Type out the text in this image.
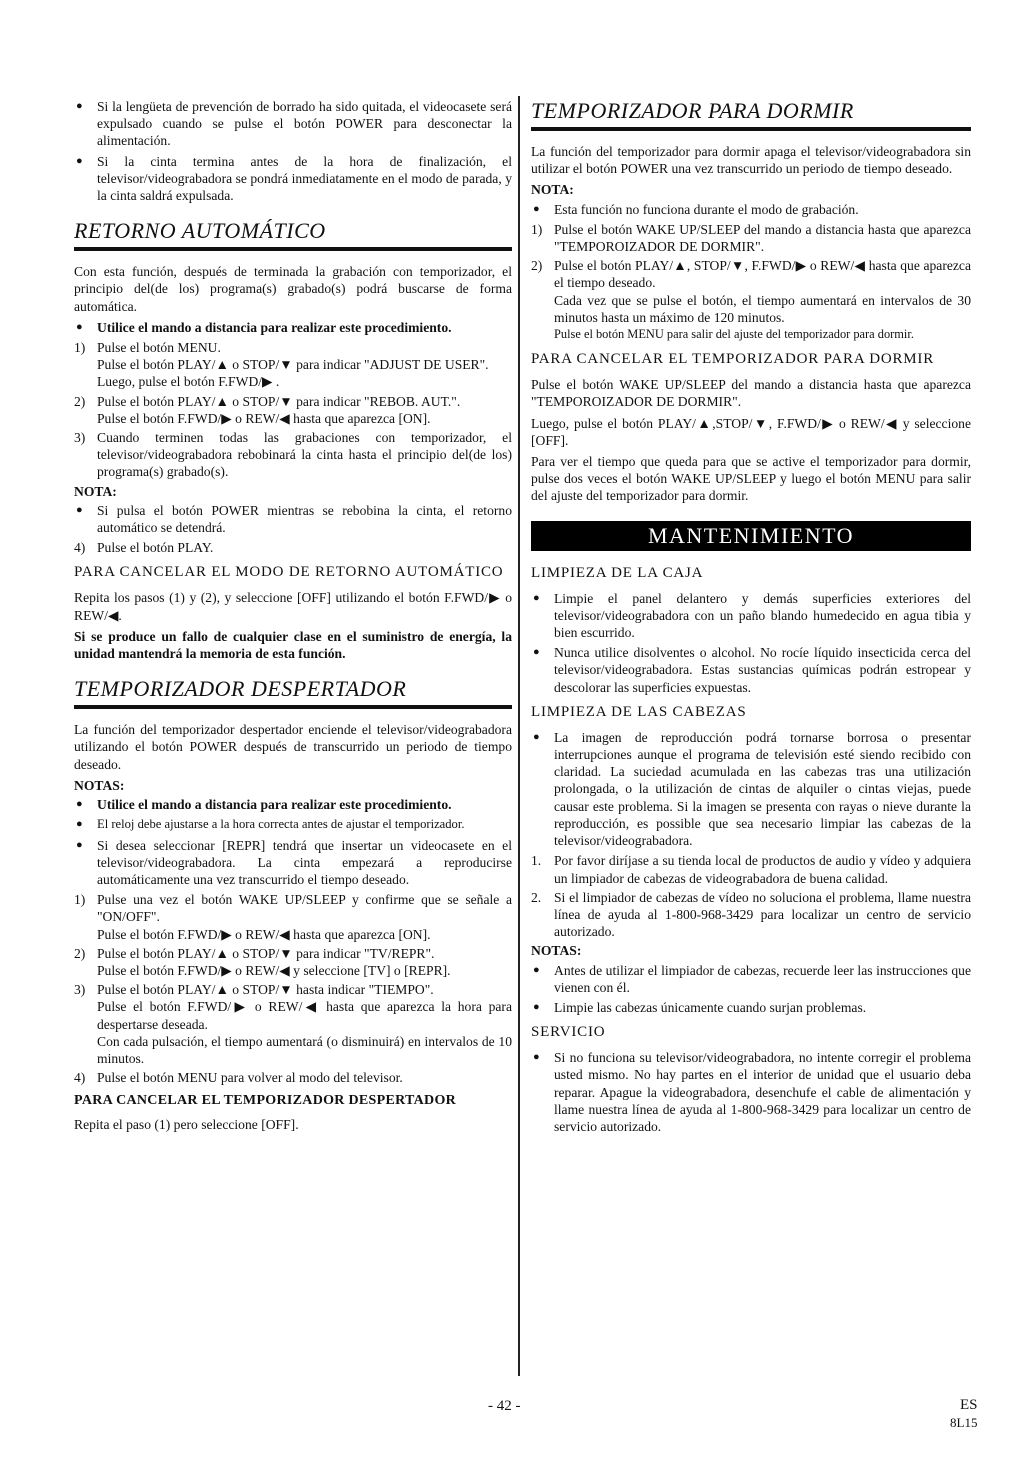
● Si la lengüeta de prevención de borrado ha sido quitada, el videocasete será expulsado cuando se pulse el botón POWER para desconectar la alimentación.
● Si la cinta termina antes de la hora de finalización, el televisor/videograbadora se pondrá inmediatamente en el modo de parada, y la cinta saldrá expulsada.
RETORNO AUTOMÁTICO

Con esta función, después de terminada la grabación con temporizador, el principio del(de los) programa(s) grabado(s) podrá buscarse de forma automática.

● Utilice el mando a distancia para realizar este procedimiento.
1) Pulse el botón MENU.
Pulse el botón PLAY/▲ o STOP/▼ para indicar "ADJUST DE USER".
Luego, pulse el botón F.FWD/▶ .
2) Pulse el botón PLAY/▲ o STOP/▼ para indicar "REBOB. AUT.".
Pulse el botón F.FWD/▶ o REW/◀ hasta que aparezca [ON].
3) Cuando terminen todas las grabaciones con temporizador, el televisor/videograbadora rebobinará la cinta hasta el principio del(de los) programa(s) grabado(s).
NOTA:
● Si pulsa el botón POWER mientras se rebobina la cinta, el retorno automático se detendrá.
4) Pulse el botón PLAY.
PARA CANCELAR EL MODO DE RETORNO AUTOMÁTICO

Repita los pasos (1) y (2), y seleccione [OFF] utilizando el botón F.FWD/▶ o REW/◀.

Si se produce un fallo de cualquier clase en el suministro de energía, la unidad mantendrá la memoria de esta función.

TEMPORIZADOR DESPERTADOR

La función del temporizador despertador enciende el televisor/videograbadora utilizando el botón POWER después de transcurrido un periodo de tiempo deseado.

NOTAS:
● Utilice el mando a distancia para realizar este procedimiento.
● El reloj debe ajustarse a la hora correcta antes de ajustar el temporizador.
● Si desea seleccionar [REPR] tendrá que insertar un videocasete en el televisor/videograbadora. La cinta empezará a reproducirse automáticamente una vez transcurrido el tiempo deseado.
1) Pulse una vez el botón WAKE UP/SLEEP y confirme que se señale a "ON/OFF".
Pulse el botón F.FWD/▶ o REW/◀ hasta que aparezca [ON].
2) Pulse el botón PLAY/▲ o STOP/▼ para indicar "TV/REPR".
Pulse el botón F.FWD/▶ o REW/◀ y seleccione [TV] o [REPR].
3) Pulse el botón PLAY/▲ o STOP/▼ hasta indicar "TIEMPO".
Pulse el botón F.FWD/▶ o REW/◀ hasta que aparezca la hora para despertarse deseada.
Con cada pulsación, el tiempo aumentará (o disminuirá) en intervalos de 10 minutos.
4) Pulse el botón MENU para volver al modo del televisor.
PARA CANCELAR EL TEMPORIZADOR DESPERTADOR

Repita el paso (1) pero seleccione [OFF].

TEMPORIZADOR PARA DORMIR

La función del temporizador para dormir apaga el televisor/videograbadora sin utilizar el botón POWER una vez transcurrido un periodo de tiempo deseado.

NOTA:
● Esta función no funciona durante el modo de grabación.
1) Pulse el botón WAKE UP/SLEEP del mando a distancia hasta que aparezca "TEMPOROIZADOR DE DORMIR".
2) Pulse el botón PLAY/▲, STOP/▼, F.FWD/▶ o REW/◀ hasta que aparezca el tiempo deseado.
Cada vez que se pulse el botón, el tiempo aumentará en intervalos de 30 minutos hasta un máximo de 120 minutos.
Pulse el botón MENU para salir del ajuste del temporizador para dormir.
PARA CANCELAR EL TEMPORIZADOR PARA DORMIR

Pulse el botón WAKE UP/SLEEP del mando a distancia hasta que aparezca "TEMPOROIZADOR DE DORMIR".

Luego, pulse el botón PLAY/▲,STOP/▼, F.FWD/▶ o REW/◀ y seleccione [OFF].

Para ver el tiempo que queda para que se active el temporizador para dormir, pulse dos veces el botón WAKE UP/SLEEP y luego el botón MENU para salir del ajuste del temporizador para dormir.

MANTENIMIENTO
LIMPIEZA DE LA CAJA
● Limpie el panel delantero y demás superficies exteriores del televisor/videograbadora con un paño blando humedecido en agua tibia y bien escurrido.
● Nunca utilice disolventes o alcohol. No rocíe líquido insecticida cerca del televisor/videograbadora. Estas sustancias químicas podrán estropear y descolorar las superficies expuestas.
LIMPIEZA DE LAS CABEZAS
● La imagen de reproducción podrá tornarse borrosa o presentar interrupciones aunque el programa de televisión esté siendo recibido con claridad. La suciedad acumulada en las cabezas tras una utilización prolongada, o la utilización de cintas de alquiler o cintas viejas, puede causar este problema. Si la imagen se presenta con rayas o nieve durante la reproducción, es possible que sea necesario limpiar las cabezas de la televisor/videograbadora.
1. Por favor diríjase a su tienda local de productos de audio y vídeo y adquiera un limpiador de cabezas de videograbadora de buena calidad.
2. Si el limpiador de cabezas de vídeo no soluciona el problema, llame nuestra línea de ayuda al 1-800-968-3429 para localizar un centro de servicio autorizado.
NOTAS:
● Antes de utilizar el limpiador de cabezas, recuerde leer las instrucciones que vienen con él.
● Limpie las cabezas únicamente cuando surjan problemas.
SERVICIO
● Si no funciona su televisor/videograbadora, no intente corregir el problema usted mismo. No hay partes en el interior de unidad que el usuario deba reparar. Apague la videograbadora, desenchufe el cable de alimentación y llame nuestra línea de ayuda al 1-800-968-3429 para localizar un centro de servicio autorizado.
- 42 -	ES
8L15
